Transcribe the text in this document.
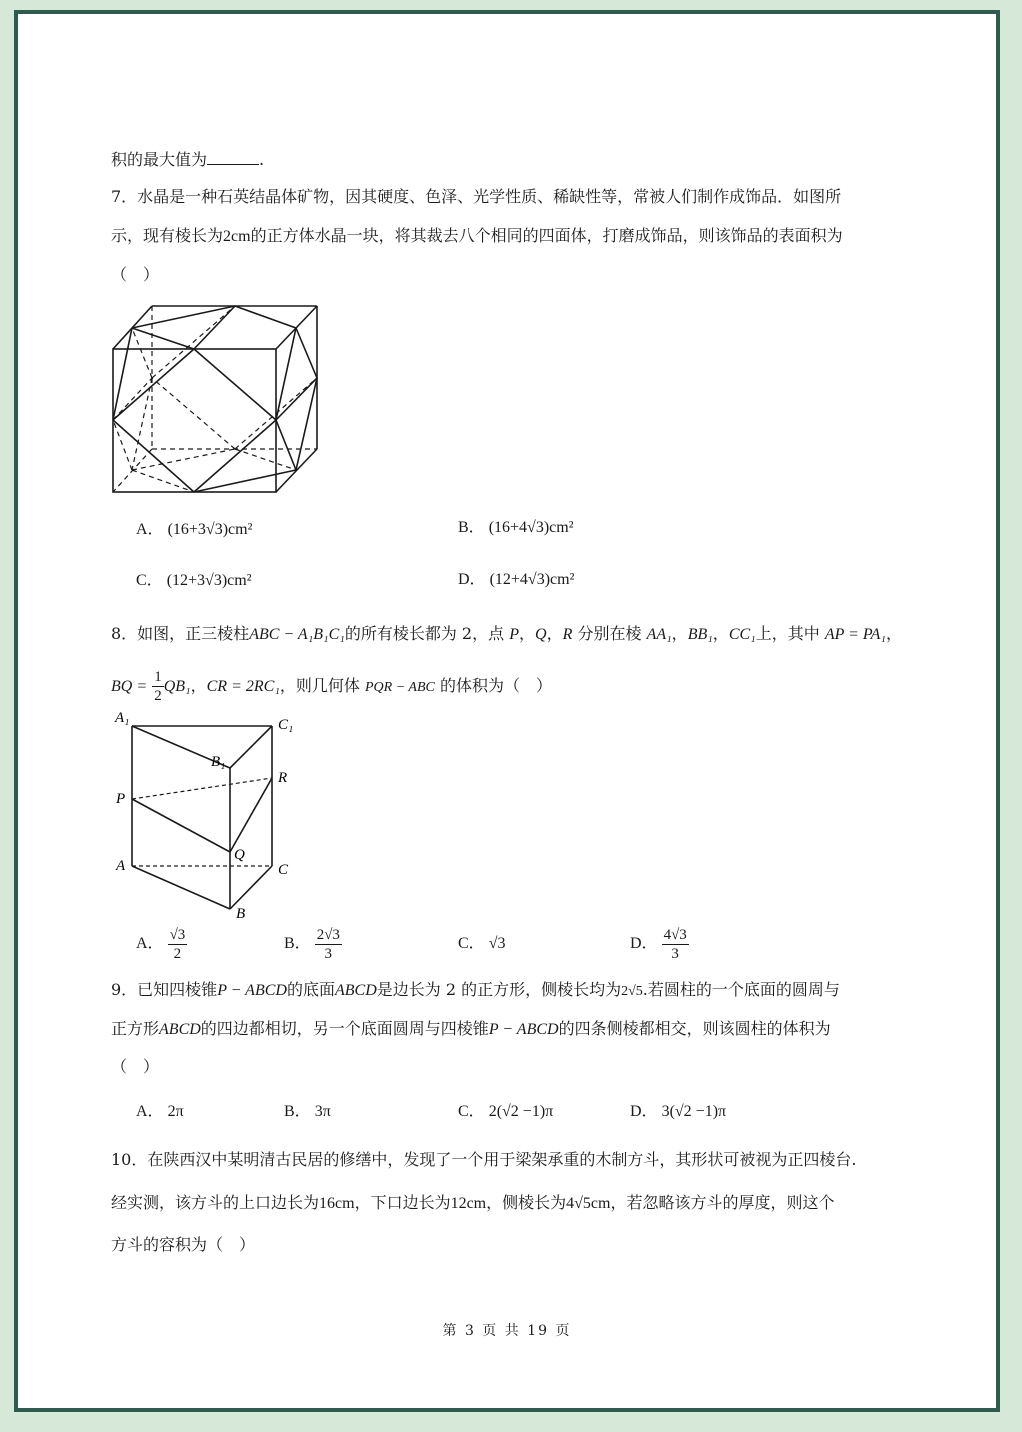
积的最大值为	.
7．水晶是一种石英结晶体矿物，因其硬度、色泽、光学性质、稀缺性等，常被人们制作成饰品．如图所
示，现有棱长为2cm的正方体水晶一块，将其裁去八个相同的四面体，打磨成饰品，则该饰品的表面积为
（　）
A． (16+3√3)cm²	B． (16+4√3)cm²
C． (12+3√3)cm²	D． (12+4√3)cm²
8．如图，正三棱柱ABC − A₁B₁C₁的所有棱长都为 2，点 P，Q，R 分别在棱 AA₁，BB₁，CC₁上，其中 AP = PA₁，
BQ = $\frac{1}{2} QB_1$，CR = 2RC₁，则几何体 PQR − ABC 的体积为（　）
A₁	C₁
B₁
R
P
Q
A	C
B
A． $\frac{√3}{2}$	B． $\frac{2√3}{3}$	C． √3	D． $\frac{4√3}{3}$
9．已知四棱锥P − ABCD的底面ABCD是边长为 2 的正方形，侧棱长均为2√5.若圆柱的一个底面的圆周与
正方形ABCD的四边都相切，另一个底面圆周与四棱锥P − ABCD的四条侧棱都相交，则该圆柱的体积为
（　）
A． 2π	B． 3π	C． 2(√2 −1)π	D． 3(√2 −1)π
10．在陕西汉中某明清古民居的修缮中，发现了一个用于梁架承重的木制方斗，其形状可被视为正四棱台.
经实测，该方斗的上口边长为16cm，下口边长为12cm，侧棱长为4√5cm，若忽略该方斗的厚度，则这个
方斗的容积为（　）
第 3 页 共 19 页
